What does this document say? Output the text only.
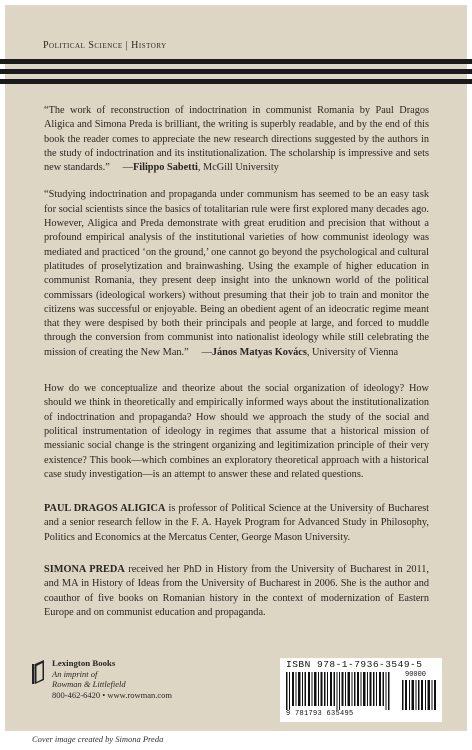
Political Science | History

“The work of reconstruction of indoctrination in communist Romania by Paul Dragos Aligica and Simona Preda is brilliant, the writing is superbly readable, and by the end of this book the reader comes to appreciate the new research directions suggested by the authors in the study of indoctrination and its institutionalization. The scholarship is impressive and sets new standards.”     —Filippo Sabetti, McGill University

“Studying indoctrination and propaganda under communism has seemed to be an easy task for social scientists since the basics of totalitarian rule were first explored many decades ago. However, Aligica and Preda demonstrate with great erudition and precision that without a profound empirical analysis of the institutional varieties of how communist ideology was mediated and practiced ‘on the ground,’ one cannot go beyond the psychological and cultural platitudes of proselytization and brainwashing. Using the example of higher education in communist Romania, they present deep insight into the unknown world of the political commissars (ideological workers) without presuming that their job to train and monitor the citizens was successful or enjoyable. Being an obedient agent of an ideocratic regime meant that they were despised by both their principals and people at large, and forced to muddle through the conversion from communist into nationalist ideology while still celebrating the mission of creating the New Man.”     —János Matyas Kovács, University of Vienna

How do we conceptualize and theorize about the social organization of ideology? How should we think in theoretically and empirically informed ways about the institutionalization of indoctrination and propaganda? How should we approach the study of the social and political instrumentation of ideology in regimes that assume that a historical mission of messianic social change is the stringent organizing and legitimization principle of their very existence? This book—which combines an exploratory theoretical approach with a historical case study investigation—is an attempt to answer these and related questions.

PAUL DRAGOS ALIGICA is professor of Political Science at the University of Bucharest and a senior research fellow in the F. A. Hayek Program for Advanced Study in Philosophy, Politics and Economics at the Mercatus Center, George Mason University.

SIMONA PREDA received her PhD in History from the University of Bucharest in 2011, and MA in History of Ideas from the University of Bucharest in 2006. She is the author and coauthor of five books on Romanian history in the context of modernization of Eastern Europe and on communist education and propaganda.

Lexington Books
An imprint of
Rowman & Littlefield
800-462-6420 • www.rowman.com
ISBN 978-1-7936-3549-5
90000
9 781793 635495
Cover image created by Simona Preda
